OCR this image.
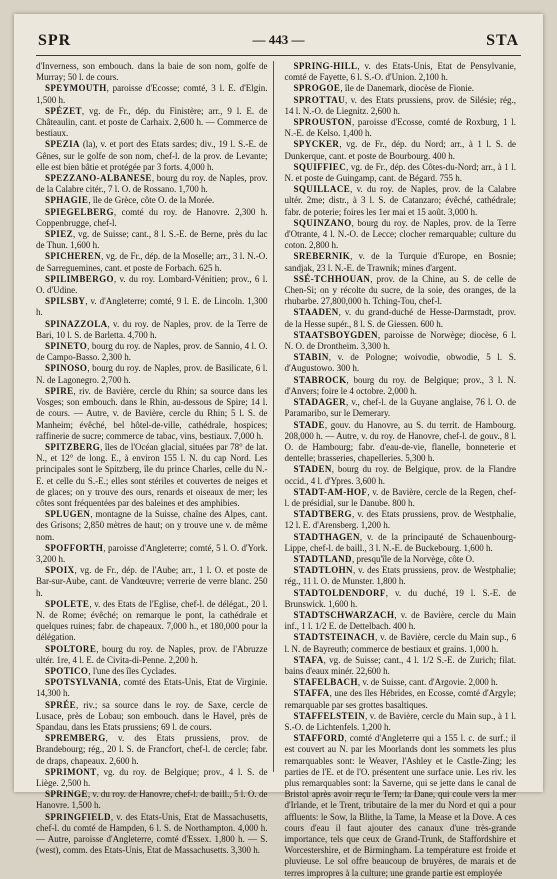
SPR	— 443 —	STA

d'Inverness, son embouch. dans la baie de son nom, golfe de Murray; 50 l. de cours.

SPEYMOUTH, paroisse d'Ecosse; comté, 3 l. E. d'Elgin. 1,500 h.

SPÉZET, vg. de Fr., dép. du Finistère; arr., 9 l. E. de Châteaulin, cant. et poste de Carhaix. 2,600 h. — Commerce de bestiaux.

SPEZIA (la), v. et port des Etats sardes; div., 19 l. S.-E. de Gênes, sur le golfe de son nom, chef-l. de la prov. de Levante; elle est bien bâtie et protégée par 3 forts. 4,000 h.

SPEZZANO-ALBANESE, bourg du roy. de Naples, prov. de la Calabre citér., 7 l. O. de Rossano. 1,700 h.

SPHAGIE, île de Grèce, côte O. de la Morée.

SPIEGELBERG, comté du roy. de Hanovre. 2,300 h. Coppenbrugge, chef-l.

SPIEZ, vg. de Suisse; cant., 8 l. S.-E. de Berne, près du lac de Thun. 1,600 h.

SPICHEREN, vg. de Fr., dép. de la Moselle; arr., 3 l. N.-O. de Sarreguemines, cant. et poste de Forbach. 625 h.

SPILIMBERGO, v. du roy. Lombard-Vénitien; prov., 6 l. O. d'Udine.

SPILSBY, v. d'Angleterre; comté, 9 l. E. de Lincoln. 1,300 h.

SPINAZZOLA, v. du roy. de Naples, prov. de la Terre de Bari, 10 l. S. de Barletta. 4,700 h.

SPINETO, bourg du roy. de Naples, prov. de Sannio, 4 l. O. de Campo-Basso. 2,300 h.

SPINOSO, bourg du roy. de Naples, prov. de Basilicate, 6 l. N. de Lagonegro. 2,700 h.

SPIRE, riv. de Bavière, cercle du Rhin; sa source dans les Vosges; son embouch. dans le Rhin, au-dessous de Spire; 14 l. de cours. — Autre, v. de Bavière, cercle du Rhin; 5 l. S. de Manheim; évêché, bel hôtel-de-ville, cathédrale, hospices; raffinerie de sucre; commerce de tabac, vins, bestiaux. 7,000 h.

SPITZBERG, îles de l'Océan glacial, situées par 78° de lat. N., et 12° de long. E., à environ 155 l. N. du cap Nord. Les principales sont le Spitzberg, île du prince Charles, celle du N.-E. et celle du S.-E.; elles sont stériles et couvertes de neiges et de glaces; on y trouve des ours, renards et oiseaux de mer; les côtes sont fréquentées par des baleines et des amphibies.

SPLUGEN, montagne de la Suisse, chaîne des Alpes, cant. des Grisons; 2,850 mètres de haut; on y trouve une v. de même nom.

SPOFFORTH, paroisse d'Angleterre; comté, 5 l. O. d'York. 3,200 h.

SPOIX, vg. de Fr., dép. de l'Aube; arr., 1 l. O. et poste de Bar-sur-Aube, cant. de Vandœuvre; verrerie de verre blanc. 250 h.

SPOLETE, v. des Etats de l'Eglise, chef-l. de délégat., 20 l. N. de Rome; évêché; on remarque le pont, la cathédrale et quelques ruines; fabr. de chapeaux. 7,000 h., et 180,000 pour la délégation.

SPOLTORE, bourg du roy. de Naples, prov. de l'Abruzze ultér. 1re, 4 l. E. de Civita-di-Penne. 2,200 h.

SPOTICO, l'une des îles Cyclades.

SPOTSYLVANIA, comté des Etats-Unis, Etat de Virginie. 14,300 h.

SPRÉE, riv.; sa source dans le roy. de Saxe, cercle de Lusace, près de Lobau; son embouch. dans le Havel, près de Spandau, dans les Etats prussiens; 69 l. de cours.

SPREMBERG, v. des Etats prussiens, prov. de Brandebourg; rég., 20 l. S. de Francfort, chef-l. de cercle; fabr. de draps, chapeaux. 2,600 h.

SPRIMONT, vg. du roy. de Belgique; prov., 4 l. S. de Liège. 2,500 h.

SPRINGE, v. du roy. de Hanovre, chef-l. de baill., 5 l. O. de Hanovre. 1,500 h.

SPRINGFIELD, v. des Etats-Unis, Etat de Massachusetts, chef-l. du comté de Hampden, 6 l. S. de Northampton. 4,000 h. — Autre, paroisse d'Angleterre, comté d'Essex. 1,800 h. — S. (west), comm. des Etats-Unis, Etat de Massachusetts. 3,300 h.

SPRING-HILL, v. des Etats-Unis, Etat de Pensylvanie, comté de Fayette, 6 l. S.-O. d'Union. 2,100 h.

SPROGOE, île de Danemark, diocèse de Fionie.

SPROTTAU, v. des Etats prussiens, prov. de Silésie; rég., 14 l. N.-O. de Liegnitz. 2,600 h.

SPROUSTON, paroisse d'Ecosse, comté de Roxburg, 1 l. N.-E. de Kelso. 1,400 h.

SPYCKER, vg. de Fr., dép. du Nord; arr., à 1 l. S. de Dunkerque, cant. et poste de Bourbourg. 400 h.

SQUIFFIEC, vg. de Fr., dép. des Côtes-du-Nord; arr., à 1 l. N. et poste de Guingamp, cant. de Bégard. 755 h.

SQUILLACE, v. du roy. de Naples, prov. de la Calabre ultér. 2me; distr., à 3 l. S. de Catanzaro; évêché, cathédrale; fabr. de poterie; foires les 1er mai et 15 août. 3,000 h.

SQUINZANO, bourg du roy. de Naples, prov. de la Terre d'Otrante, 4 l. N.-O. de Lecce; clocher remarquable; culture du coton. 2,800 h.

SREBERNIK, v. de la Turquie d'Europe, en Bosnie; sandjak, 23 l. N.-E. de Trawnik; mines d'argent.

SSÉ-TCHHOUAN, prov. de la Chine, au S. de celle de Chen-Si; on y récolte du sucre, de la soie, des oranges, de la rhubarbe. 27,800,000 h. Tching-Tou, chef-l.

STAADEN, v. du grand-duché de Hesse-Darmstadt, prov. de la Hesse supér., 8 l. S. de Giessen. 600 h.

STAATSBOYGDEN, paroisse de Norwège; diocèse, 6 l. N. O. de Drontheim. 3,300 h.

STABIN, v. de Pologne; woivodie, obwodie, 5 l. S. d'Augustowo. 300 h.

STABROCK, bourg du roy. de Belgique; prov., 3 l. N. d'Anvers; foire le 4 octobre. 2,000 h.

STADAGER, v., chef-l. de la Guyane anglaise, 76 l. O. de Paramaribo, sur le Demerary.

STADE, gouv. du Hanovre, au S. du territ. de Hambourg. 208,000 h. — Autre, v. du roy. de Hanovre, chef-l. de gouv., 8 l. O. de Hambourg; fabr. d'eau-de-vie, flanelle, bonneterie et dentelle; brasseries, chapelleries. 5,300 h.

STADEN, bourg du roy. de Belgique, prov. de la Flandre occid., 4 l. d'Ypres. 3,600 h.

STADT-AM-HOF, v. de Bavière, cercle de la Regen, chef-l. de présidial, sur le Danube. 800 h.

STADTBERG, v. des Etats prussiens, prov. de Westphalie, 12 l. E. d'Arensberg. 1,200 h.

STADTHAGEN, v. de la principauté de Schauenbourg-Lippe, chef-l. de baill., 3 l. N.-E. de Buckebourg. 1,600 h.

STADTLAND, presqu'île de la Norvège, côte O.

STADTLOHN, v. des Etats prussiens, prov. de Westphalie; rég., 11 l. O. de Munster. 1,800 h.

STADTOLDENDORF, v. du duché, 19 l. S.-E. de Brunswick. 1,600 h.

STADTSCHWARZACH, v. de Bavière, cercle du Main inf., 1 l. 1/2 E. de Dettelbach. 400 h.

STADTSTEINACH, v. de Bavière, cercle du Main sup., 6 l. N. de Bayreuth; commerce de bestiaux et grains. 1,000 h.

STAFA, vg. de Suisse; cant., 4 l. 1/2 S.-E. de Zurich; filat. bains d'eaux minér. 22,600 h.

STAFELBACH, v. de Suisse, cant. d'Argovie. 2,000 h.

STAFFA, une des îles Hébrides, en Ecosse, comté d'Argyle; remarquable par ses grottes basaltiques.

STAFFELSTEIN, v. de Bavière, cercle du Main sup., à 1 l. S.-O. de Lichtenfels. 1,200 h.

STAFFORD, comté d'Angleterre qui a 155 l. c. de surf.; il est couvert au N. par les Moorlands dont les sommets les plus remarquables sont: le Weaver, l'Ashley et le Castle-Zing; les parties de l'E. et de l'O. présentent une surface unie. Les riv. les plus remarquables sont: la Saverne, qui se jette dans le canal de Bristol après avoir reçu le Tern; la Dane, qui coule vers la mer d'Irlande, et le Trent, tributaire de la mer du Nord et qui a pour affluents: le Sow, la Blithe, la Tame, la Mease et la Dove. A ces cours d'eau il faut ajouter des canaux d'une très-grande importance, tels que ceux de Grand-Trunk, de Staffordshire et Worcestershire, et de Birmingham. La température est froide et pluvieuse. Le sol offre beaucoup de bruyères, de marais et de terres impropres à la culture; une grande partie est employée
